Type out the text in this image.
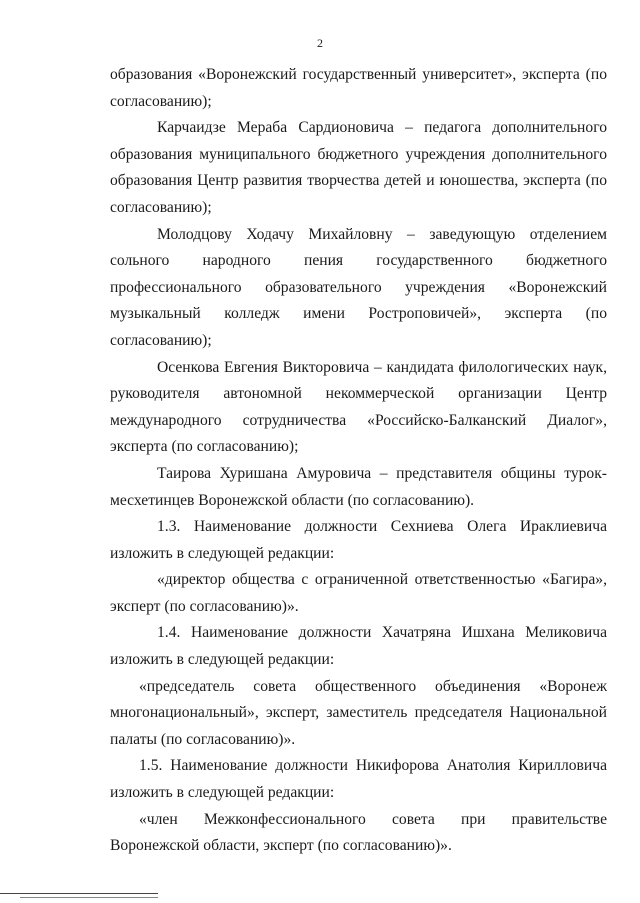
2

образования «Воронежский государственный университет», эксперта (по согласованию);

Карчаидзе Мераба Сардионовича – педагога дополнительного образования муниципального бюджетного учреждения дополнительного образования Центр развития творчества детей и юношества, эксперта (по согласованию);

Молодцову Ходачу Михайловну – заведующую отделением сольного народного пения государственного бюджетного профессионального образовательного учреждения «Воронежский музыкальный колледж имени Ростроповичей», эксперта (по согласованию);

Осенкова Евгения Викторовича – кандидата филологических наук, руководителя автономной некоммерческой организации Центр международного сотрудничества «Российско-Балканский Диалог», эксперта (по согласованию);

Таирова Хуришана Амуровича – представителя общины турок-месхетинцев Воронежской области (по согласованию).

1.3. Наименование должности Сехниева Олега Ираклиевича изложить в следующей редакции:

«директор общества с ограниченной ответственностью «Багира», эксперт (по согласованию)».

1.4. Наименование должности Хачатряна Ишхана Меликовича изложить в следующей редакции:

«председатель совета общественного объединения «Воронеж многонациональный», эксперт, заместитель председателя Национальной палаты (по согласованию)».

1.5. Наименование должности Никифорова Анатолия Кирилловича изложить в следующей редакции:

«член Межконфессионального совета при правительстве Воронежской области, эксперт (по согласованию)».
